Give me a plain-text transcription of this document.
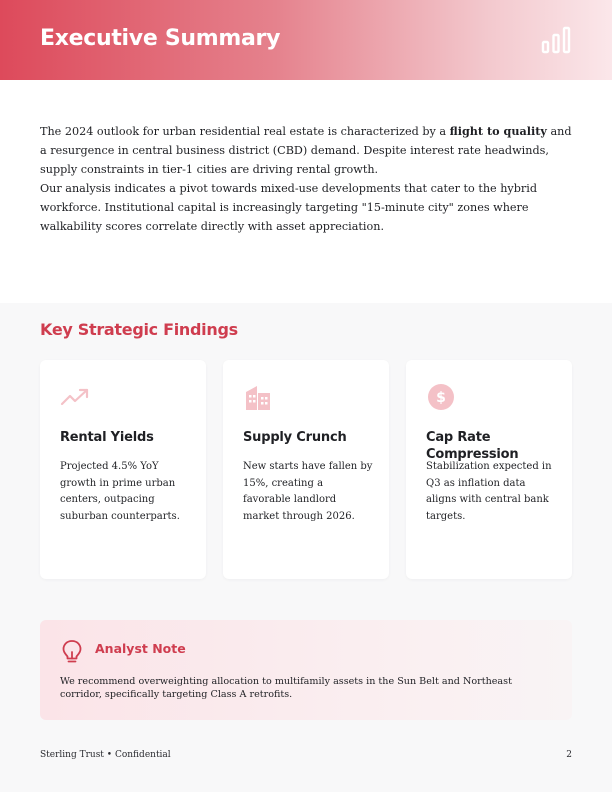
Executive Summary

The 2024 outlook for urban residential real estate is characterized by a flight to quality and a resurgence in central business district (CBD) demand. Despite interest rate headwinds, supply constraints in tier-1 cities are driving rental growth.

Our analysis indicates a pivot towards mixed-use developments that cater to the hybrid workforce. Institutional capital is increasingly targeting "15-minute city" zones where walkability scores correlate directly with asset appreciation.

Key Strategic Findings
Rental Yields
Projected 4.5% YoY growth in prime urban centers, outpacing suburban counterparts.
Supply Crunch
New starts have fallen by 15%, creating a favorable landlord market through 2026.
$
Cap Rate Compression
Stabilization expected in Q3 as inflation data aligns with central bank targets.
Analyst Note
We recommend overweighting allocation to multifamily assets in the Sun Belt and Northeast corridor, specifically targeting Class A retrofits.
Sterling Trust • Confidential	2
